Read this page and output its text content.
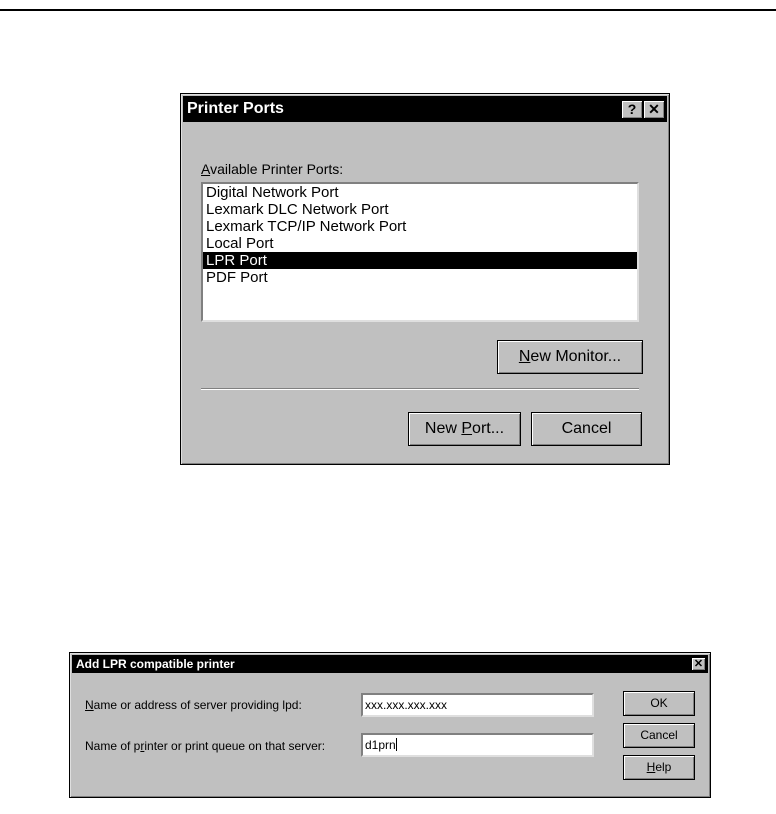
Printer Ports	? ✕
Available Printer Ports:
Digital Network Port
Lexmark DLC Network Port
Lexmark TCP/IP Network Port
Local Port
LPR Port
PDF Port
New Monitor...
New Port...	Cancel
Add LPR compatible printer	✕
Name or address of server providing lpd:	xxx.xxx.xxx.xxx
Name of printer or print queue on that server:	d1prn
OK
Cancel
Help
